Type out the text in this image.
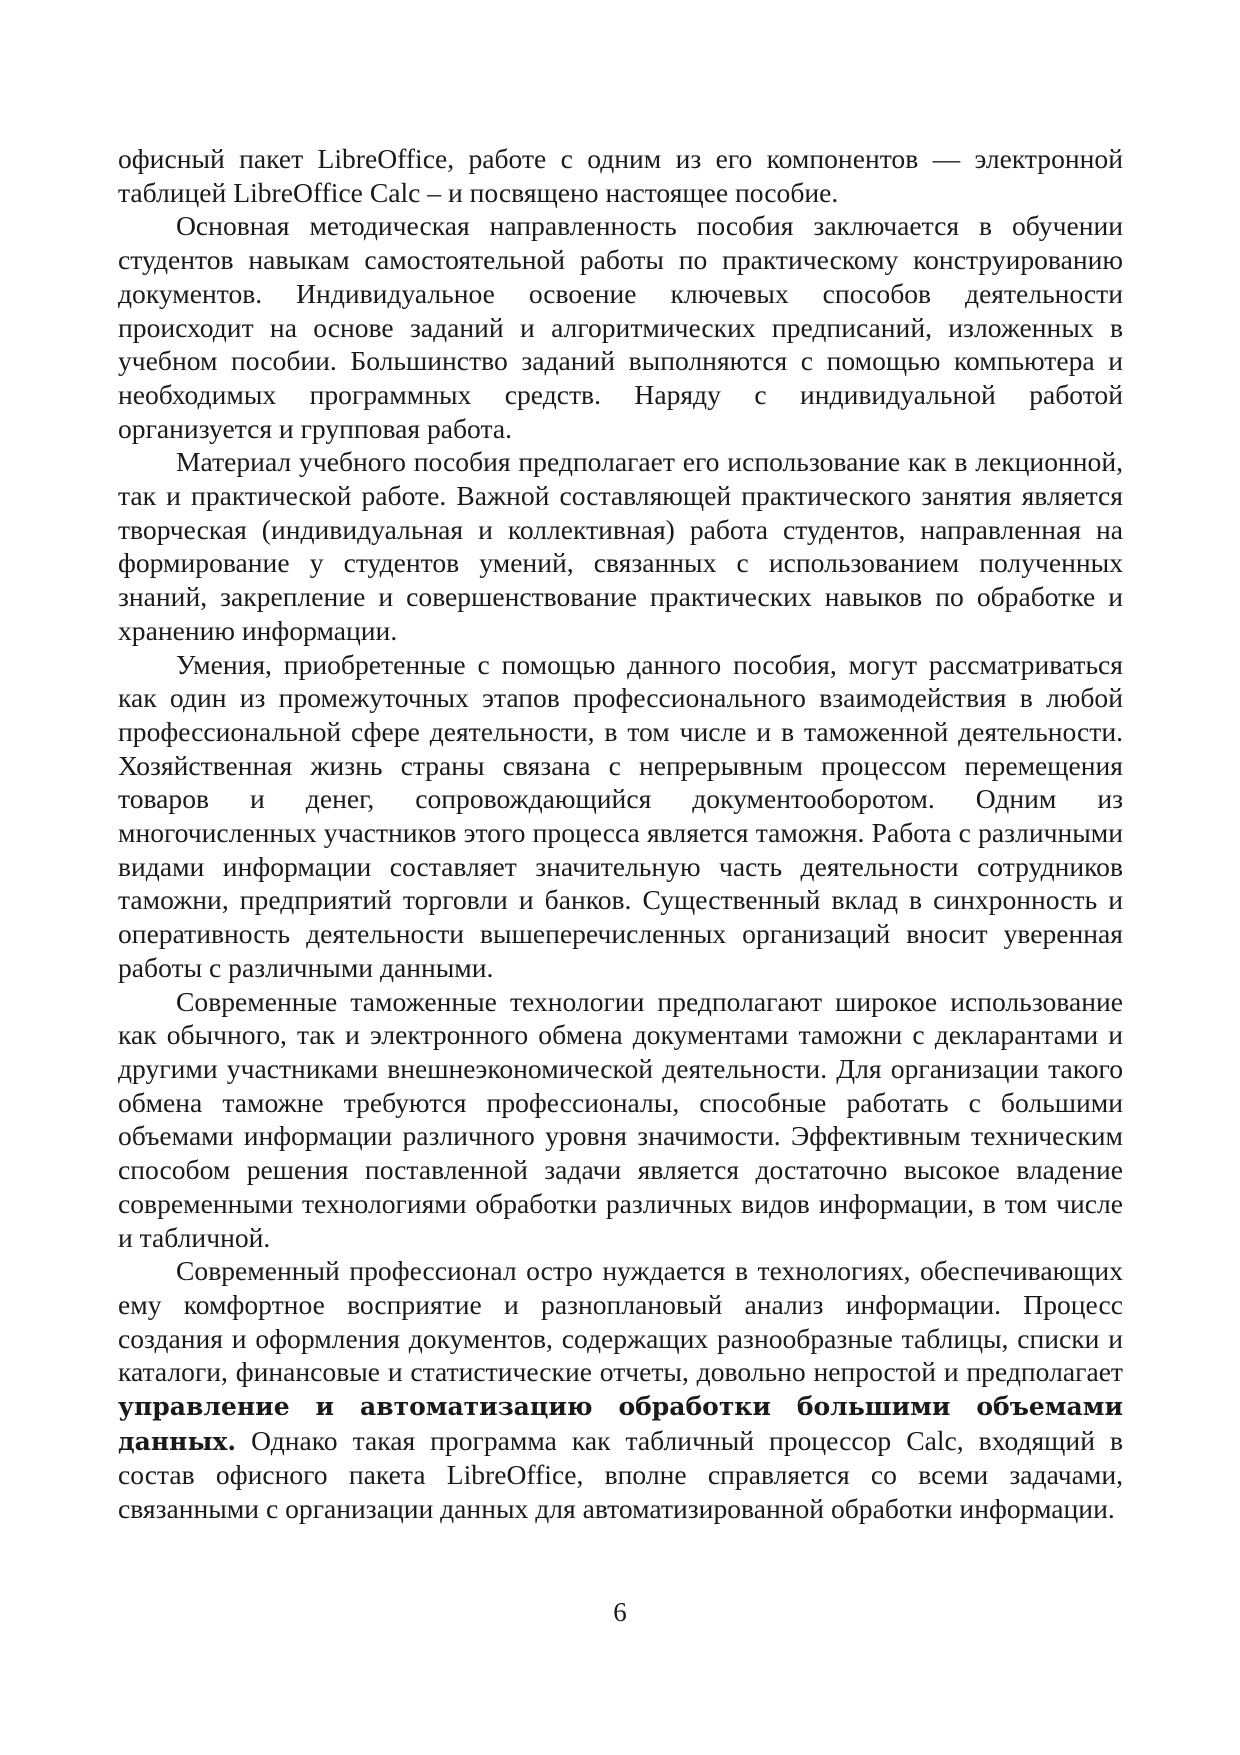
офисный пакет LibreOffice, работе с одним из его компонентов — электронной таблицей LibreOffice Calc – и посвящено настоящее пособие.

Основная методическая направленность пособия заключается в обучении студентов навыкам самостоятельной работы по практическому конструированию документов. Индивидуальное освоение ключевых способов деятельности происходит на основе заданий и алгоритмических предписаний, изложенных в учебном пособии. Большинство заданий выполняются с помощью компьютера и необходимых программных средств. Наряду с индивидуальной работой организуется и групповая работа.

Материал учебного пособия предполагает его использование как в лекционной, так и практической работе. Важной составляющей практического занятия является творческая (индивидуальная и коллективная) работа студентов, направленная на формирование у студентов умений, связанных с использованием полученных знаний, закрепление и совершенствование практических навыков по обработке и хранению информации.

Умения, приобретенные с помощью данного пособия, могут рассматриваться как один из промежуточных этапов профессионального взаимодействия в любой профессиональной сфере деятельности, в том числе и в таможенной деятельности. Хозяйственная жизнь страны связана с непрерывным процессом перемещения товаров и денег, сопровождающийся документооборотом. Одним из многочисленных участников этого процесса является таможня. Работа с различными видами информации составляет значительную часть деятельности сотрудников таможни, предприятий торговли и банков. Существенный вклад в синхронность и оперативность деятельности вышеперечисленных организаций вносит уверенная работы с различными данными.

Современные таможенные технологии предполагают широкое использование как обычного, так и электронного обмена документами таможни с декларантами и другими участниками внешнеэкономической деятельности. Для организации такого обмена таможне требуются профессионалы, способные работать с большими объемами информации различного уровня значимости. Эффективным техническим способом решения поставленной задачи является достаточно высокое владение современными технологиями обработки различных видов информации, в том числе и табличной.

Современный профессионал остро нуждается в технологиях, обеспечивающих ему комфортное восприятие и разноплановый анализ информации. Процесс создания и оформления документов, содержащих разнообразные таблицы, списки и каталоги, финансовые и статистические отчеты, довольно непростой и предполагает управление и автоматизацию обработки большими объемами данных. Однако такая программа как табличный процессор Calc, входящий в состав офисного пакета LibreOffice, вполне справляется со всеми задачами, связанными с организации данных для автоматизированной обработки информации.

6
